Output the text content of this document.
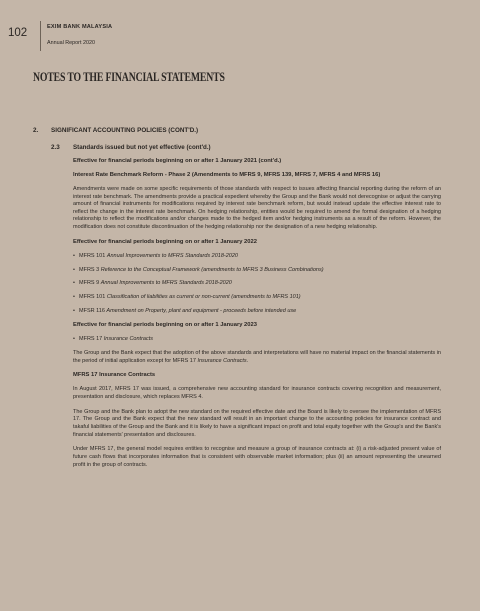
102	EXIM BANK MALAYSIA
Annual Report 2020
NOTES TO THE FINANCIAL STATEMENTS
2. SIGNIFICANT ACCOUNTING POLICIES (CONT'D.)
2.3 Standards issued but not yet effective (cont'd.)

Effective for financial periods beginning on or after 1 January 2021 (cont'd.)

Interest Rate Benchmark Reform - Phase 2 (Amendments to MFRS 9, MFRS 139, MFRS 7, MFRS 4 and MFRS 16)

Amendments were made on some specific requirements of those standards with respect to issues affecting financial reporting during the reform of an interest rate benchmark. The amendments provide a practical expedient whereby the Group and the Bank would not derecognise or adjust the carrying amount of financial instruments for modifications required by interest rate benchmark reform, but would instead update the effective interest rate to reflect the change in the interest rate benchmark. On hedging relationship, entities would be required to amend the formal designation of a hedging relationship to reflect the modifications and/or changes made to the hedged item and/or hedging instruments as a result of the reform. However, the modification does not constitute discontinuation of the hedging relationship nor the designation of a new hedging relationship.

Effective for financial periods beginning on or after 1 January 2022

• MFRS 101 Annual Improvements to MFRS Standards 2018-2020
• MFRS 3 Reference to the Conceptual Framework (amendments to MFRS 3 Business Combinations)
• MFRS 9 Annual Improvements to MFRS Standards 2018-2020
• MFRS 101 Classification of liabilities as current or non-current (amendments to MFRS 101)
• MFSR 116 Amendment on Property, plant and equipment - proceeds before intended use

Effective for financial periods beginning on or after 1 January 2023

• MFRS 17 Insurance Contracts

The Group and the Bank expect that the adoption of the above standards and interpretations will have no material impact on the financial statements in the period of initial application except for MFRS 17 Insurance Contracts.

MFRS 17 Insurance Contracts

In August 2017, MFRS 17 was issued, a comprehensive new accounting standard for insurance contracts covering recognition and measurement, presentation and disclosure, which replaces MFRS 4.

The Group and the Bank plan to adopt the new standard on the required effective date and the Board is likely to oversee the implementation of MFRS 17. The Group and the Bank expect that the new standard will result in an important change to the accounting policies for insurance contract and takaful liabilities of the Group and the Bank and it is likely to have a significant impact on profit and total equity together with the Group's and the Bank's financial statements' presentation and disclosures.

Under MFRS 17, the general model requires entities to recognise and measure a group of insurance contracts at: (i) a risk-adjusted present value of future cash flows that incorporates information that is consistent with observable market information; plus (ii) an amount representing the unearned profit in the group of contracts.
